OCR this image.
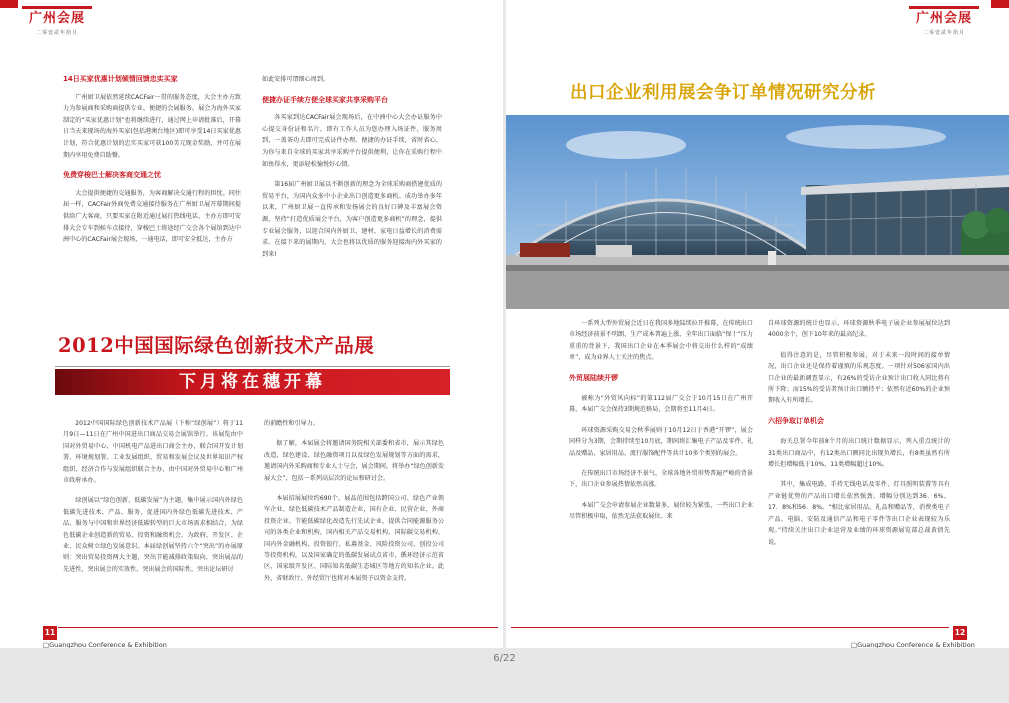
广州会展
二零壹贰年拾月
14日买家优惠计划倾情回馈忠实买家

广州厨卫展依然延续CACFair一贯的服务态度，大会主办方致力为参展商和采购商提供专业、便捷的会展服务。展会为海外买家制定的“买家优惠计划”也将继续进行，通过网上申请批准后，开幕日当天来现场的海外买家(包括港澳台地区)即可享受14日买家优惠计划，符合优惠计划的忠实买家可获100美元现金奖励，并可在展期内享用免费自助餐。

免费穿梭巴士解决客商交通之忧

大会提供便捷的交通服务，为客商解决交通行程的担忧。同往届一样，CACFair外商免费交通接待服务在广州厨卫展开幕期间提供给广大客商，只要买家在附近通过展打热线电话，主办方即可安排大会专车到候车点接待，穿梭巴士将途经广交会各个展馆到达中洲中心的CACFair展会现场，一通电话，即可安全抵达，主办方

如此安排可谓细心周到。

便捷办证手续方便全球买家共享采购平台

各买家到达CACFair展会现场后，在中洲中心大会办证服务中心提交身份证和名片，即有工作人员为您办理入场证件，服务周到，一盖茶功夫即可完成证件办理。便捷的办证手续，省时省心，为你与来自全球的买家共享采购平台提供便利，让你在采购行程中如鱼得水，更添轻松愉悦好心情。

第16届广州厨卫展以不断创新的理念为全球采购商搭建优质的贸易平台，为国内众多中小企业出口创造更多商机。成功举办多年以来，广州厨卫展一直传承和发扬展会的良好口碑及丰富展会资源，坚持“打造优质展会平台，为客户创造更多商机”的理念，提供专业展会服务，以迎合国内外厨卫、建材、家电日益增长的消费需求。在接下来的展期内，大会也将以优质的服务迎接海内外买家的到来!

2012中国国际绿色创新技术产品展
下月将在穗开幕

2012中国国际绿色创新技术产品展（下称“绿创展”）将于11月9日—11日在广州中国进出口商品交易会展馆举行。该展览由中国对外贸易中心、中国机电产品进出口商会主办，联合国开发计划署、环境规划署、工业发展组织、贸易和发展会议及世界知识产权组织、经济合作与发展组织联合主办，由中国对外贸易中心和广州市政府承办。

绿创展以“绿色创新，低碳发展”为主题，集中展示国内外绿色低碳先进技术、产品、服务，促进国内外绿色低碳先进技术、产品、服务与中国和世界经济低碳转型的巨大市场需求相结合，为绿色低碳企业创造新的贸易、投资和融资机会，为政府、开发区、企业、民众树立绿色发展意识。本届绿创展坚持六个“突出”的办展原则：突出贸易投资两大主题，突出节能减排政策取向，突出展品的先进性，突出展会的实效性，突出展会的国际性，突出论坛研讨

的前瞻性和引导力。

据了解，本届展会将邀请国务院相关部委和省市，展示其绿色改造、绿色建设、绿色融资项目以及绿色发展规划等方面的需求，邀请国内外采购商和专业人士与会，展会期间，将举办“绿色创新发展大会”，包括一系列高层次的论坛和研讨会。

本届招展展位约690个，展品范围包括跨国公司、绿色产业领军企业、绿色低碳技术产品制造企业，国有企业、民营企业、外商投资企业、节能低碳绿化改造先行先试企业，提供合同能源服务公司的各类企业和机构，国内相关产品交易机构、国际碳交易机构、国内外金融机构、投资银行、私募基金、风险投资公司、创投公司等投资机构，以及国家确定的低碳发展试点省市、循环经济示范省区、国家级开发区、国际知名低碳生态城区等地方的知名企业。此外，省财政厅、外经贸厅也将对本届资予以资金支持。

11
□Guangzhou Conference & Exhibition
广州会展
二零壹贰年拾月
出口企业利用展会争订单情况研究分析

一系列大型外贸展会近日在我国多地陆续拉开推幕，在传统出口市场经济前景不明朗、生产成本普遍上涨、全年出口面临“保十”压力重重的背景下，我国出口企业在本季展会中将交出什么样的“成绩单”，成为业界人士关注的焦点。

外贸展陆续开锣

被称为“外贸风向标”的第112届广交会于10月15日在广州开幕，本届广交会保持3期规范格局，会期将至11月4日。

环球资源采购交易会秋季展则于10月12日于香港“开锣”，展会同样分为3期，会期持续至10月底，期间将汇集电子产品及零件、礼品及赠品、家居用品、流行服饰配件等共计10多个类别的展会。

在传统出口市场经济不景气、全球各地外贸形势普遍严峻的背景下，出口企业参展热情依然高涨。

本届广交会申请参展企业数量多，展位较为紧张，一些出口企业尽管积极申取，依然无法获取展位。来

自环球资源的统计也显示，环球资源秋季电子展企业参展展位达到4000余个，创下10年来的最高纪录。

值得注意的是，尽管积极参展，对于未来一段时间的接单情况，出口企业还是保持着谨慎的乐观态度。一项针对506家国内出口企业的最新调查显示，有26%的受访企业预计出口收入同比将有所下降；而15%的受访者预计出口额持平；依然有近60%的企业预期收入有所增长。

六招争取订单机会

海关总署今年前8个月的出口统计数据显示，列入重点统计的31类出口商品中，有12类出口额同比出现负增长，有8类虽然有所增长但增幅低于10%，11类增幅超过10%。

其中，集成电路、手持无线电话及零件、灯具照明装置等具有产业链优势的产品出口增长依然强劲，增幅分别达到36．6%、17．8%和56．8%。“相比家居用品、礼品和赠品等，消费类电子产品、电脑、安防及通信产品和电子零件等出口企业表现较为乐观。”持续关注出口企业运营及业绩的环球资源展览部总裁黄倩先说。

12
□Guangzhou Conference & Exhibition
6/22
